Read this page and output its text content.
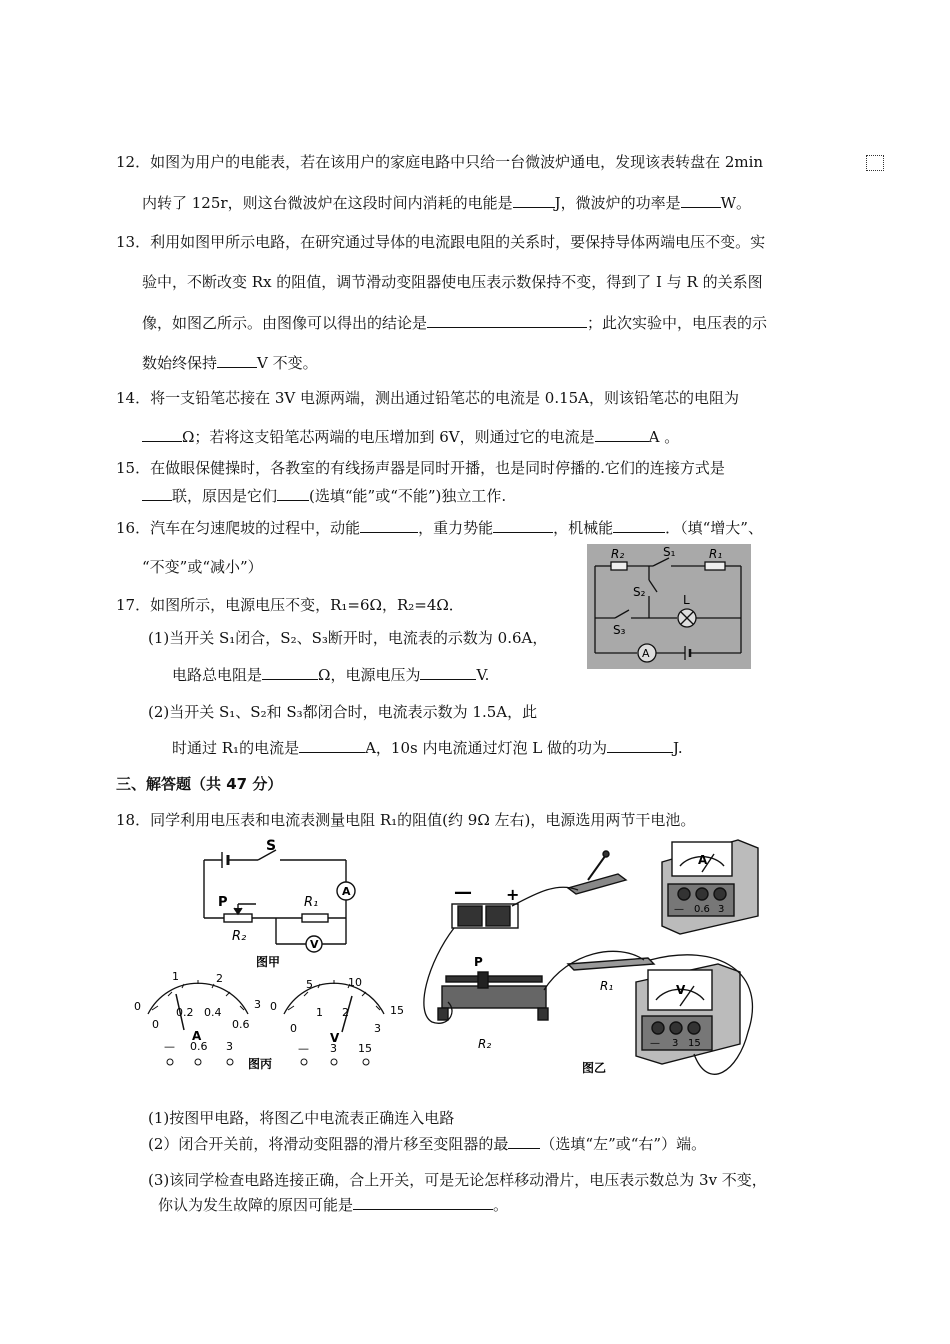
12．如图为用户的电能表，若在该用户的家庭电路中只给一台微波炉通电，发现该表转盘在 2min
内转了 125r，则这台微波炉在这段时间内消耗的电能是	J，微波炉的功率是	W。
13．利用如图甲所示电路，在研究通过导体的电流跟电阻的关系时，要保持导体两端电压不变。实
验中，不断改变 Rx 的阻值，调节滑动变阻器使电压表示数保持不变，得到了 I 与 R 的关系图
像，如图乙所示。由图像可以得出的结论是	；此次实验中，电压表的示
数始终保持	V 不变。
14．将一支铅笔芯接在 3V 电源两端，测出通过铅笔芯的电流是 0.15A，则该铅笔芯的电阻为
Ω；若将这支铅笔芯两端的电压增加到 6V，则通过它的电流是	A 。
15．在做眼保健操时，各教室的有线扬声器是同时开播，也是同时停播的.它们的连接方式是
联，原因是它们 (选填“能”或“不能”)独立工作.
16．汽车在匀速爬坡的过程中，动能	，重力势能	，机械能	．（填“增大”、
“不变”或“减小”）
17．如图所示，电源电压不变，R₁=6Ω，R₂=4Ω．
(1)当开关 S₁闭合，S₂、S₃断开时，电流表的示数为 0.6A，
电路总电阻是	Ω，电源电压为	V.
(2)当开关 S₁、S₂和 S₃都闭合时，电流表示数为 1.5A，此
时通过 R₁的电流是	A，10s 内电流通过灯泡 L 做的功为	J.
R₂	S₁	R₁
S₂
L
S₃
A
三、解答题（共 47 分）
18．同学利用电压表和电流表测量电阻 R₁的阻值(约 9Ω 左右)，电源选用两节干电池。
S
P	R₁
R₂
A
V
图甲
0
1	2
3
0
0.2 0.4
0.6
A
— 0.6 3
0
5	10
15
0
1 2
3
V
— 3 15
图丙
— +
P
R₁
R₂
A
— 0.6 3
V
— 3 15
图乙
(1)按图甲电路，将图乙中电流表正确连入电路
(2）闭合开关前，将滑动变阻器的滑片移至变阻器的最 （选填“左”或“右”）端。
(3)该同学检查电路连接正确，合上开关，可是无论怎样移动滑片，电压表示数总为 3v 不变，
你认为发生故障的原因可能是	。
